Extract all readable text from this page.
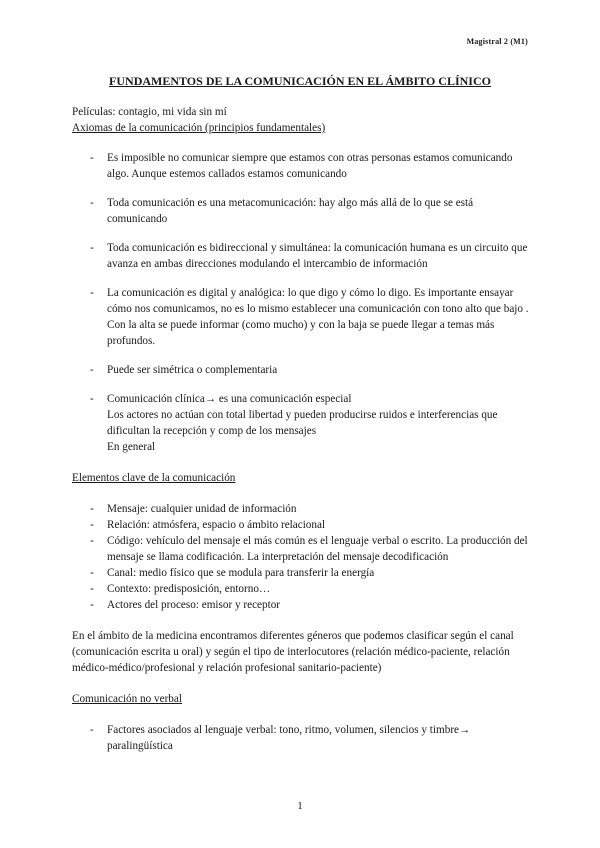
Magistral 2 (M1)
FUNDAMENTOS DE LA COMUNICACIÓN EN EL ÁMBITO CLÍNICO

Películas: contagio, mi vida sin mí

Axiomas de la comunicación (principios fundamentales)

- Es imposible no comunicar siempre que estamos con otras personas estamos comunicando algo. Aunque estemos callados estamos comunicando
- Toda comunicación es una metacomunicación: hay algo más allá de lo que se está comunicando
- Toda comunicación es bidireccional y simultánea: la comunicación humana es un circuito que avanza en ambas direcciones modulando el intercambio de información
- La comunicación es digital y analógica: lo que digo y cómo lo digo. Es importante ensayar cómo nos comunicamos, no es lo mismo establecer una comunicación con tono alto que bajo . Con la alta se puede informar (como mucho) y con la baja se puede llegar a temas más profundos.
- Puede ser simétrica o complementaria
- Comunicación clínica→ es una comunicación especial
Los actores no actúan con total libertad y pueden producirse ruidos e interferencias que dificultan la recepción y comp de los mensajes
En general

Elementos clave de la comunicación

- Mensaje: cualquier unidad de información
- Relación: atmósfera, espacio o ámbito relacional
- Código: vehículo del mensaje el más común es el lenguaje verbal o escrito. La producción del mensaje se llama codificación. La interpretación del mensaje decodificación
- Canal: medio físico que se modula para transferir la energía
- Contexto: predisposición, entorno…
- Actores del proceso: emisor y receptor

En el ámbito de la medicina encontramos diferentes géneros que podemos clasificar según el canal (comunicación escrita u oral) y según el tipo de interlocutores (relación médico-paciente, relación médico-médico/profesional y relación profesional sanitario-paciente)

Comunicación no verbal

- Factores asociados al lenguaje verbal: tono, ritmo, volumen, silencios y timbre→ paralingüística
1
